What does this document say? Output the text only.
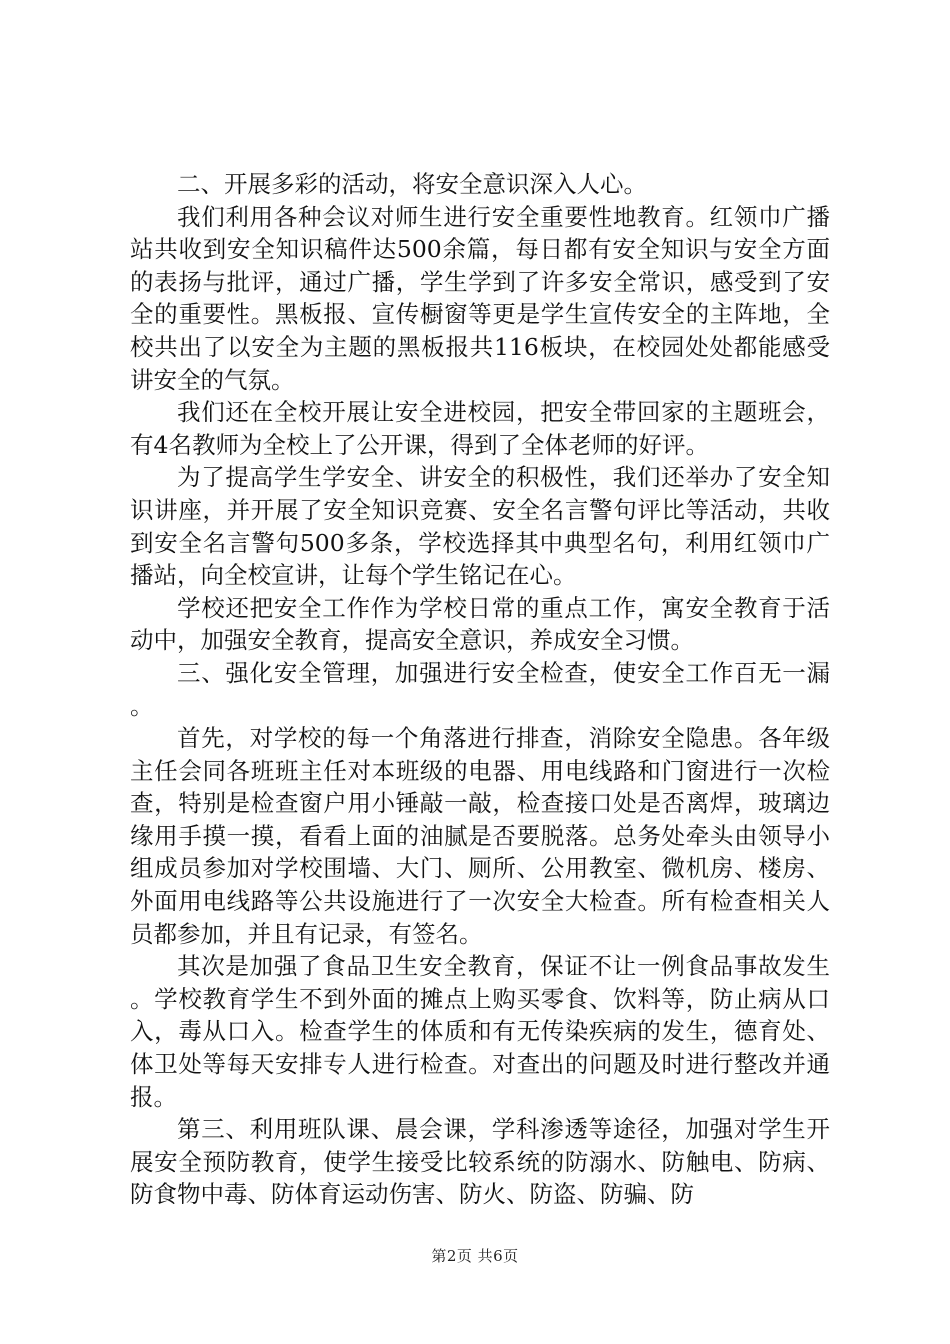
二、开展多彩的活动，将安全意识深入人心。

我们利用各种会议对师生进行安全重要性地教育。红领巾广播站共收到安全知识稿件达500余篇，每日都有安全知识与安全方面的表扬与批评，通过广播，学生学到了许多安全常识，感受到了安全的重要性。黑板报、宣传橱窗等更是学生宣传安全的主阵地，全校共出了以安全为主题的黑板报共116板块，在校园处处都能感受讲安全的气氛。

我们还在全校开展让安全进校园，把安全带回家的主题班会，有4名教师为全校上了公开课，得到了全体老师的好评。

为了提高学生学安全、讲安全的积极性，我们还举办了安全知识讲座，并开展了安全知识竞赛、安全名言警句评比等活动，共收到安全名言警句500多条，学校选择其中典型名句，利用红领巾广播站，向全校宣讲，让每个学生铭记在心。

学校还把安全工作作为学校日常的重点工作，寓安全教育于活动中，加强安全教育，提高安全意识，养成安全习惯。

三、强化安全管理，加强进行安全检查，使安全工作百无一漏。

首先，对学校的每一个角落进行排查，消除安全隐患。各年级主任会同各班班主任对本班级的电器、用电线路和门窗进行一次检查，特别是检查窗户用小锤敲一敲，检查接口处是否离焊，玻璃边缘用手摸一摸，看看上面的油腻是否要脱落。总务处牵头由领导小组成员参加对学校围墙、大门、厕所、公用教室、微机房、楼房、外面用电线路等公共设施进行了一次安全大检查。所有检查相关人员都参加，并且有记录，有签名。

其次是加强了食品卫生安全教育，保证不让一例食品事故发生。学校教育学生不到外面的摊点上购买零食、饮料等，防止病从口入，毒从口入。检查学生的体质和有无传染疾病的发生，德育处、体卫处等每天安排专人进行检查。对查出的问题及时进行整改并通报。

第三、利用班队课、晨会课，学科渗透等途径，加强对学生开展安全预防教育，使学生接受比较系统的防溺水、防触电、防病、防食物中毒、防体育运动伤害、防火、防盗、防骗、防

第2页 共6页
